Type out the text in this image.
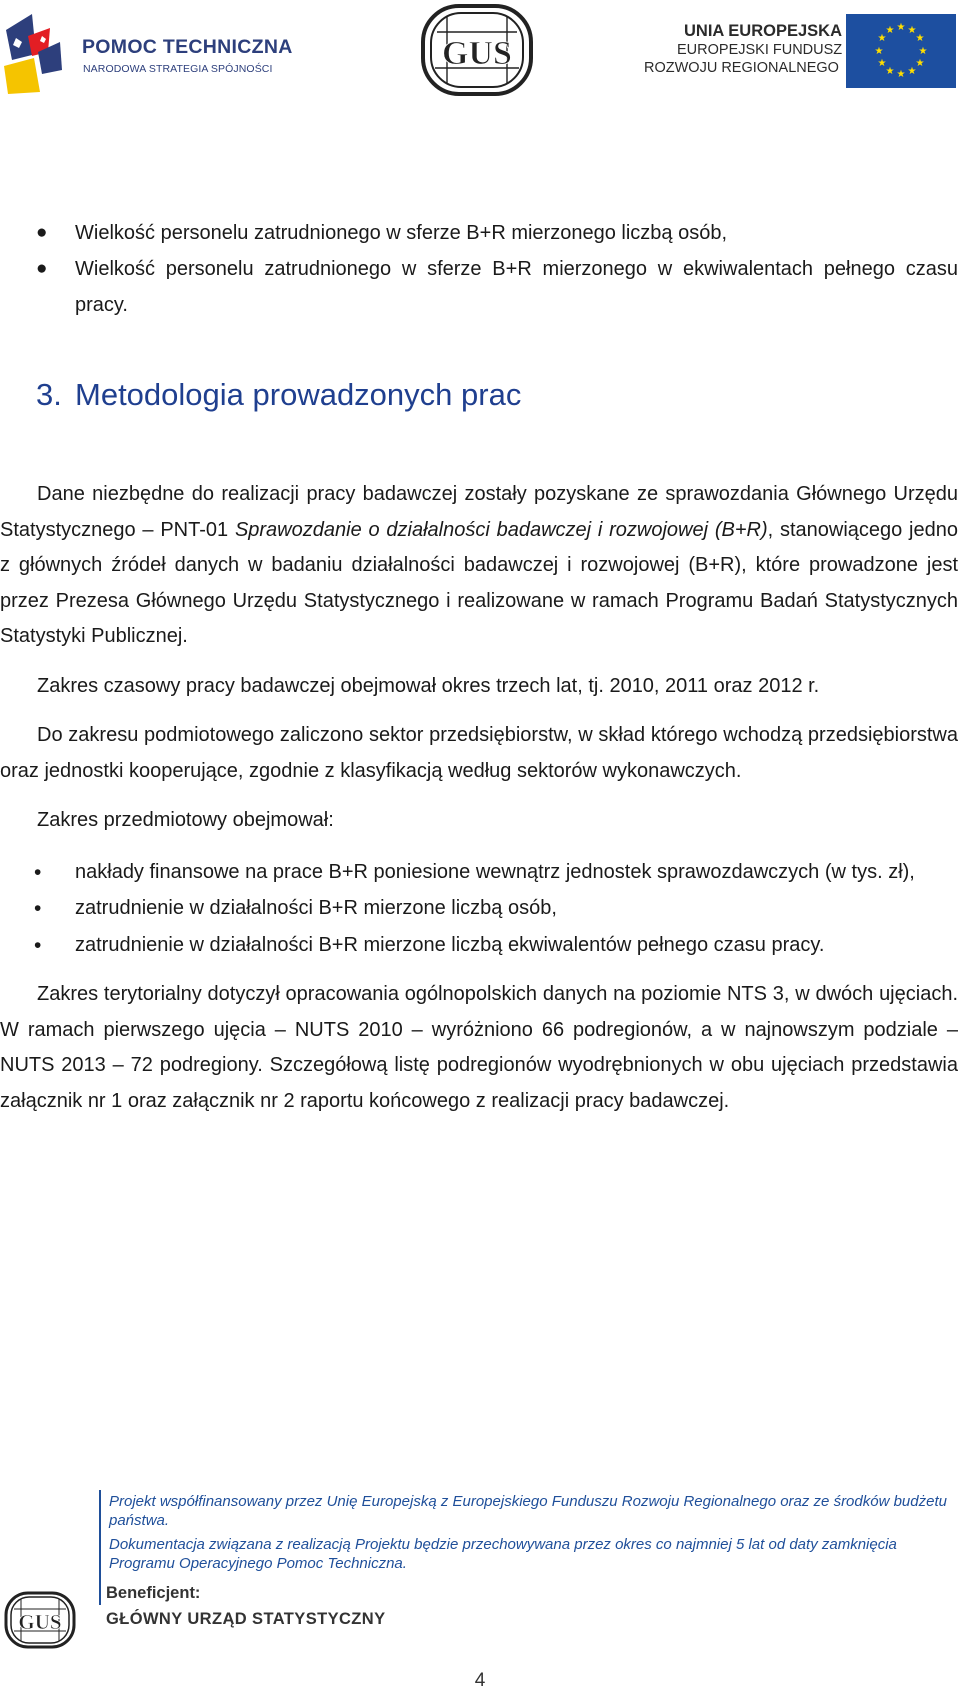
POMOC TECHNICZNA
NARODOWA STRATEGIA SPÓJNOŚCI	GUS
UNIA EUROPEJSKA
EUROPEJSKI FUNDUSZ
ROZWOJU REGIONALNEGO
★ ★
★
★
★
★
★
★
★
★
★
★
● Wielkość personelu zatrudnionego w sferze B+R mierzonego liczbą osób,
● Wielkość personelu zatrudnionego w sferze B+R mierzonego w ekwiwalentach pełnego czasu pracy.
3. Metodologia prowadzonych prac

Dane niezbędne do realizacji pracy badawczej zostały pozyskane ze sprawozdania Głównego Urzędu Statystycznego – PNT-01 Sprawozdanie o działalności badawczej i rozwojowej (B+R), stanowiącego jedno z głównych źródeł danych w badaniu działalności badawczej i rozwojowej (B+R), które prowadzone jest przez Prezesa Głównego Urzędu Statystycznego i realizowane w ramach Programu Badań Statystycznych Statystyki Publicznej.

Zakres czasowy pracy badawczej obejmował okres trzech lat, tj. 2010, 2011 oraz 2012 r.

Do zakresu podmiotowego zaliczono sektor przedsiębiorstw, w skład którego wchodzą przedsiębiorstwa oraz jednostki kooperujące, zgodnie z klasyfikacją według sektorów wykonawczych.

Zakres przedmiotowy obejmował:

• nakłady finansowe na prace B+R poniesione wewnątrz jednostek sprawozdawczych (w tys. zł),
• zatrudnienie w działalności B+R mierzone liczbą osób,
• zatrudnienie w działalności B+R mierzone liczbą ekwiwalentów pełnego czasu pracy.

Zakres terytorialny dotyczył opracowania ogólnopolskich danych na poziomie NTS 3, w dwóch ujęciach. W ramach pierwszego ujęcia – NUTS 2010 – wyróżniono 66 podregionów, a w najnowszym podziale – NUTS 2013 – 72 podregiony. Szczegółową listę podregionów wyodrębnionych w obu ujęciach przedstawia załącznik nr 1 oraz załącznik nr 2 raportu końcowego z realizacji pracy badawczej.

Projekt współfinansowany przez Unię Europejską z Europejskiego Funduszu Rozwoju Regionalnego oraz ze środków budżetu państwa.
Dokumentacja związana z realizacją Projektu będzie przechowywana przez okres co najmniej 5 lat od daty zamknięcia Programu Operacyjnego Pomoc Techniczna.
GUS
Beneficjent:
GŁÓWNY URZĄD STATYSTYCZNY
4
